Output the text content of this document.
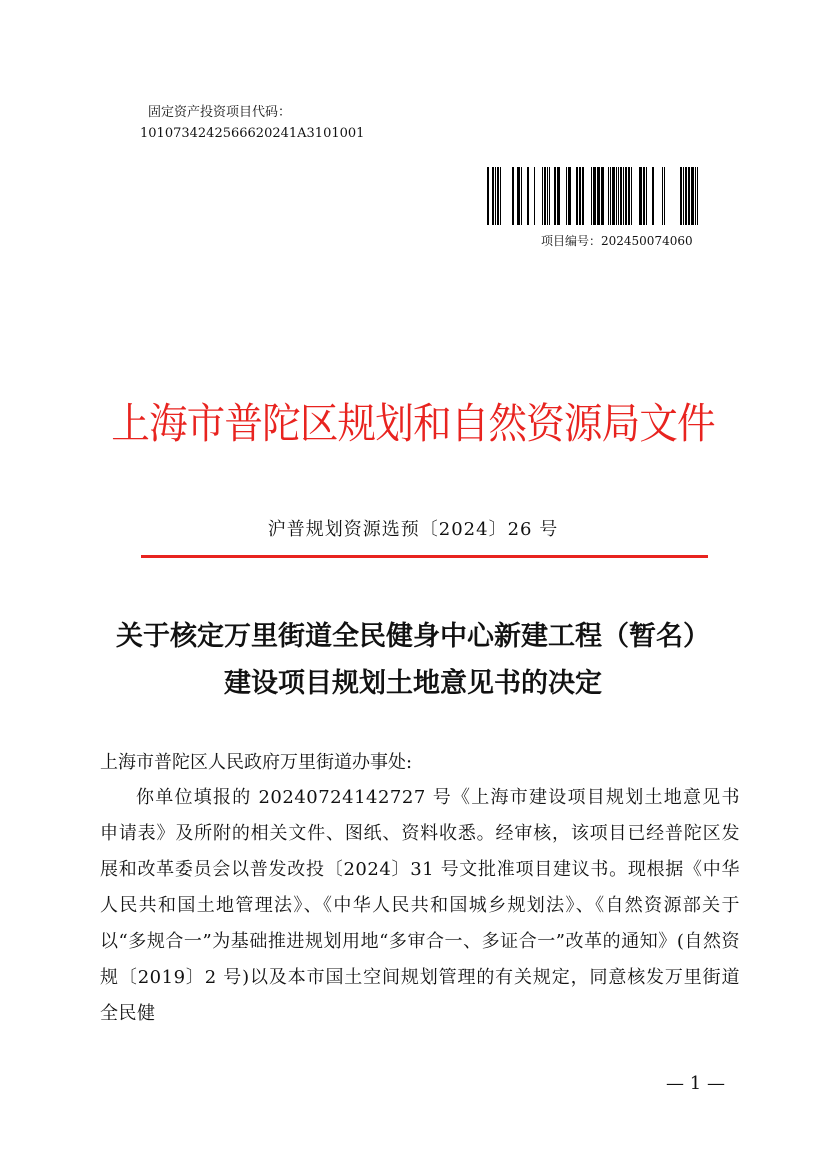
固定资产投资项目代码：
1010734242566620241A3101001
项目编号：202450074060
上海市普陀区规划和自然资源局文件
沪普规划资源选预〔2024〕26 号
关于核定万里街道全民健身中心新建工程（暂名）
建设项目规划土地意见书的决定
上海市普陀区人民政府万里街道办事处:
你单位填报的 20240724142727 号《上海市建设项目规划土地意见书申请表》及所附的相关文件、图纸、资料收悉。经审核，该项目已经普陀区发展和改革委员会以普发改投〔2024〕31 号文批准项目建议书。现根据《中华人民共和国土地管理法》、《中华人民共和国城乡规划法》、《自然资源部关于以“多规合一”为基础推进规划用地“多审合一、多证合一”改革的通知》(自然资规〔2019〕2 号)以及本市国土空间规划管理的有关规定，同意核发万里街道全民健
— 1 —
